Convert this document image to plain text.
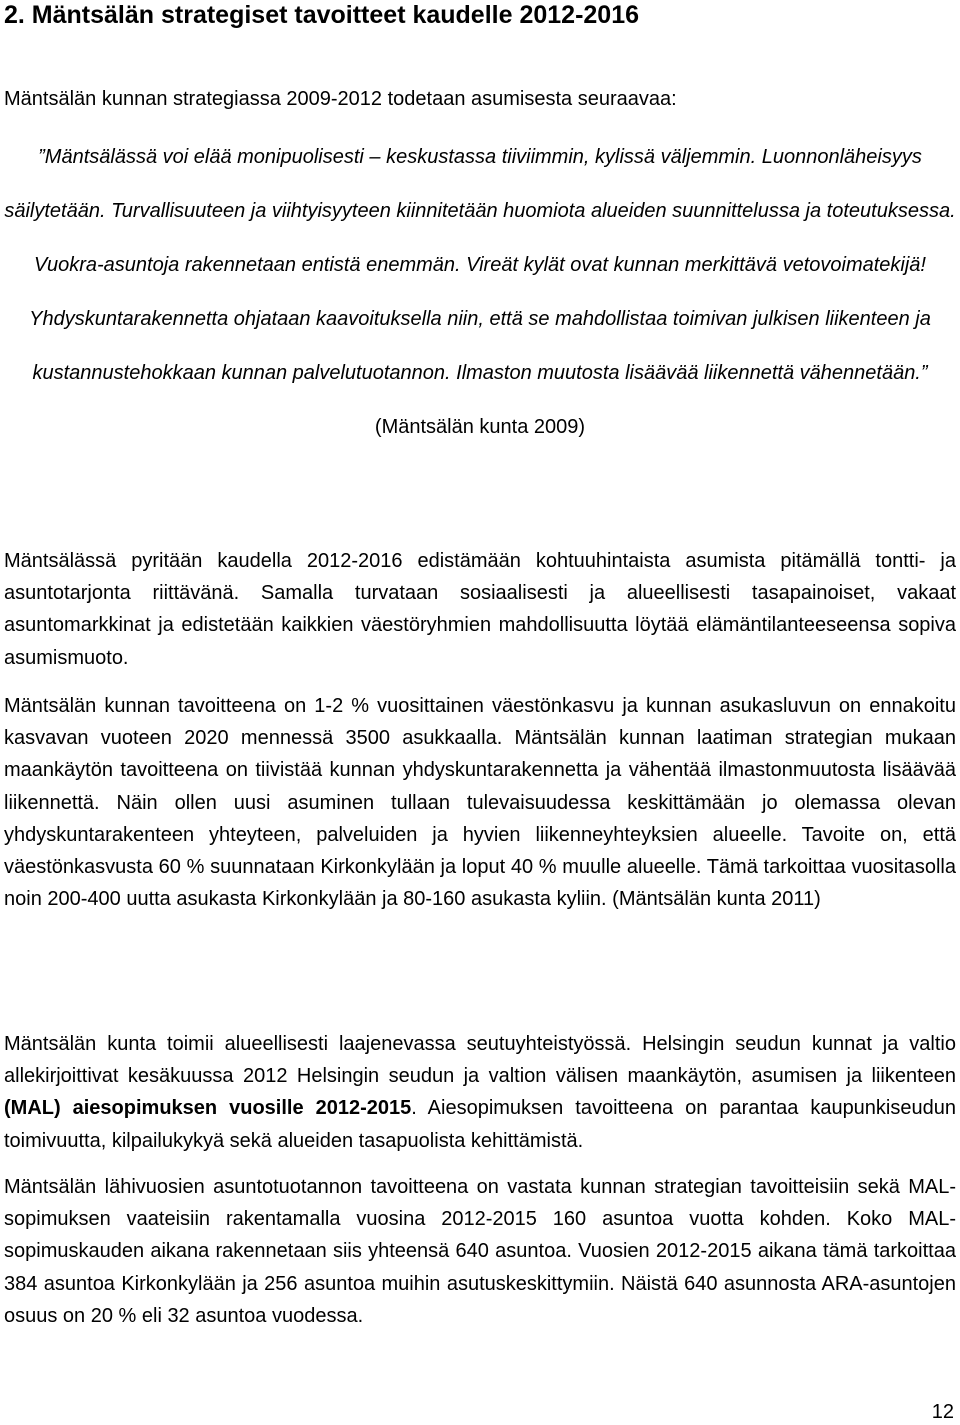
2. Mäntsälän strategiset tavoitteet kaudelle 2012-2016

Mäntsälän kunnan strategiassa 2009-2012 todetaan asumisesta seuraavaa:

”Mäntsälässä voi elää monipuolisesti – keskustassa tiiviimmin, kylissä väljemmin. Luonnonläheisyys säilytetään. Turvallisuuteen ja viihtyisyyteen kiinnitetään huomiota alueiden suunnittelussa ja toteutuksessa. Vuokra-asuntoja rakennetaan entistä enemmän. Vireät kylät ovat kunnan merkittävä vetovoimatekijä! Yhdyskuntarakennetta ohjataan kaavoituksella niin, että se mahdollistaa toimivan julkisen liikenteen ja kustannustehokkaan kunnan palvelutuotannon. Ilmaston muutosta lisäävää liikennettä vähennetään.” (Mäntsälän kunta 2009)

Mäntsälässä pyritään kaudella 2012-2016 edistämään kohtuuhintaista asumista pitämällä tontti- ja asuntotarjonta riittävänä. Samalla turvataan sosiaalisesti ja alueellisesti tasapainoiset, vakaat asuntomarkkinat ja edistetään kaikkien väestöryhmien mahdollisuutta löytää elämäntilanteeseensa sopiva asumismuoto.

Mäntsälän kunnan tavoitteena on 1-2 % vuosittainen väestönkasvu ja kunnan asukasluvun on ennakoitu kasvavan vuoteen 2020 mennessä 3500 asukkaalla. Mäntsälän kunnan laatiman strategian mukaan maankäytön tavoitteena on tiivistää kunnan yhdyskuntarakennetta ja vähentää ilmastonmuutosta lisäävää liikennettä. Näin ollen uusi asuminen tullaan tulevaisuudessa keskittämään jo olemassa olevan yhdyskuntarakenteen yhteyteen, palveluiden ja hyvien liikenneyhteyksien alueelle. Tavoite on, että väestönkasvusta 60 % suunnataan Kirkonkylään ja loput 40 % muulle alueelle. Tämä tarkoittaa vuositasolla noin 200-400 uutta asukasta Kirkonkylään ja 80-160 asukasta kyliin. (Mäntsälän kunta 2011)

Mäntsälän kunta toimii alueellisesti laajenevassa seutuyhteistyössä. Helsingin seudun kunnat ja valtio allekirjoittivat kesäkuussa 2012 Helsingin seudun ja valtion välisen maankäytön, asumisen ja liikenteen (MAL) aiesopimuksen vuosille 2012-2015. Aiesopimuksen tavoitteena on parantaa kaupunkiseudun toimivuutta, kilpailukykyä sekä alueiden tasapuolista kehittämistä.

Mäntsälän lähivuosien asuntotuotannon tavoitteena on vastata kunnan strategian tavoitteisiin sekä MAL-sopimuksen vaateisiin rakentamalla vuosina 2012-2015 160 asuntoa vuotta kohden. Koko MAL-sopimuskauden aikana rakennetaan siis yhteensä 640 asuntoa. Vuosien 2012-2015 aikana tämä tarkoittaa 384 asuntoa Kirkonkylään ja 256 asuntoa muihin asutuskeskittymiin. Näistä 640 asunnosta ARA-asuntojen osuus on 20 % eli 32 asuntoa vuodessa.

12
